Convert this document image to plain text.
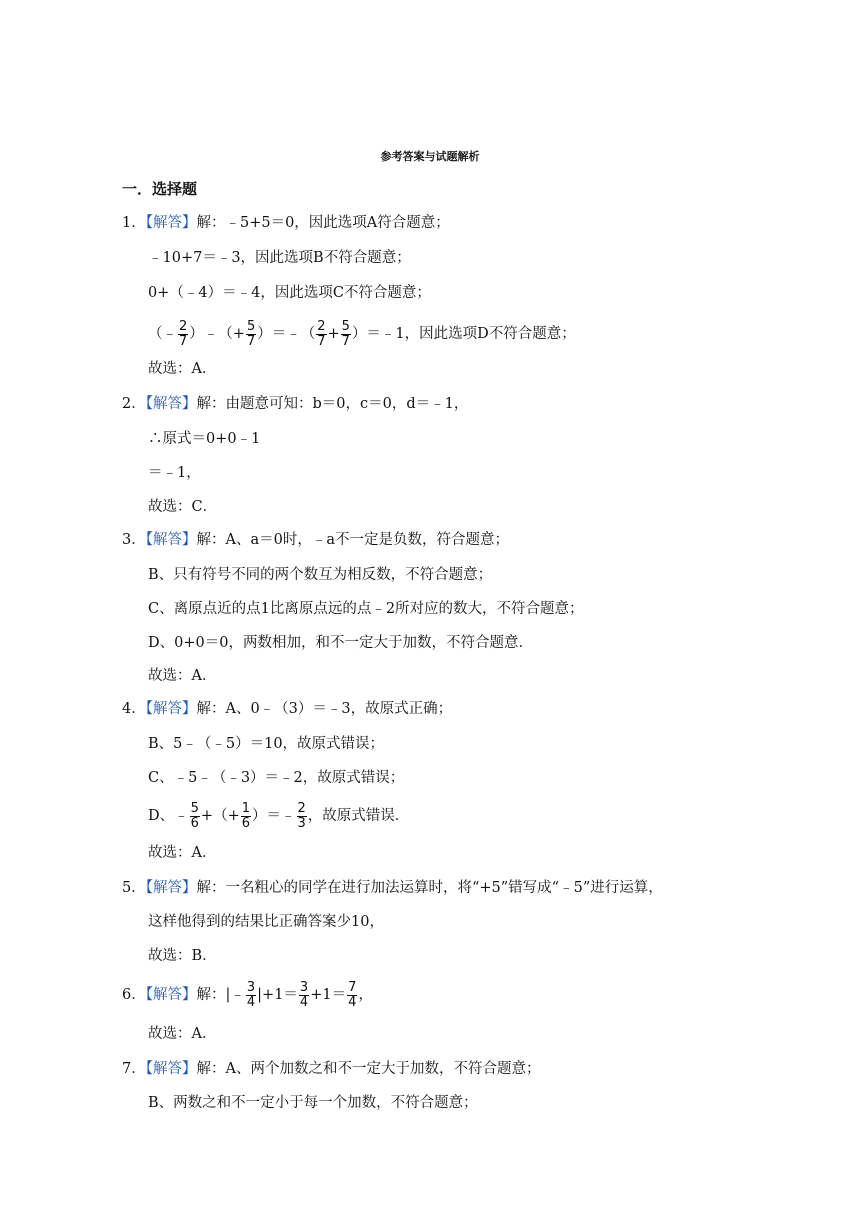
参考答案与试题解析
一．选择题
1．【解答】解：﹣5+5＝0，因此选项A符合题意；
﹣10+7＝﹣3，因此选项B不符合题意；
0+（﹣4）＝﹣4，因此选项C不符合题意；
（﹣ $\frac{2}{7}$ ）﹣（+ $\frac{5}{7}$ ）＝﹣（ $\frac{2}{7} + \frac{5}{7}$ ）＝﹣1，因此选项D不符合题意；
故选：A．
2．【解答】解：由题意可知：b＝0，c＝0，d＝﹣1，
∴原式＝0+0﹣1
＝﹣1，
故选：C．
3．【解答】解：A、a＝0时，﹣a不一定是负数，符合题意；
B、只有符号不同的两个数互为相反数，不符合题意；
C、离原点近的点1比离原点远的点﹣2所对应的数大，不符合题意；
D、0+0＝0，两数相加，和不一定大于加数，不符合题意．
故选：A．
4．【解答】解：A、0﹣（3）＝﹣3，故原式正确；
B、5﹣（﹣5）＝10，故原式错误；
C、﹣5﹣（﹣3）＝﹣2，故原式错误；
D、﹣ $\frac{5}{6}$ +（+ $\frac{1}{6}$ ）＝﹣ $\frac{2}{3}$ ，故原式错误．
故选：A．
5．【解答】解：一名粗心的同学在进行加法运算时，将“+5”错写成“﹣5”进行运算，
这样他得到的结果比正确答案少10，
故选：B．
6．【解答】解：|﹣ $\frac{3}{4} |+1= \frac{3}{4} +1= \frac{7}{4}$ ，
故选：A．
7．【解答】解：A、两个加数之和不一定大于加数，不符合题意；
B、两数之和不一定小于每一个加数，不符合题意；
